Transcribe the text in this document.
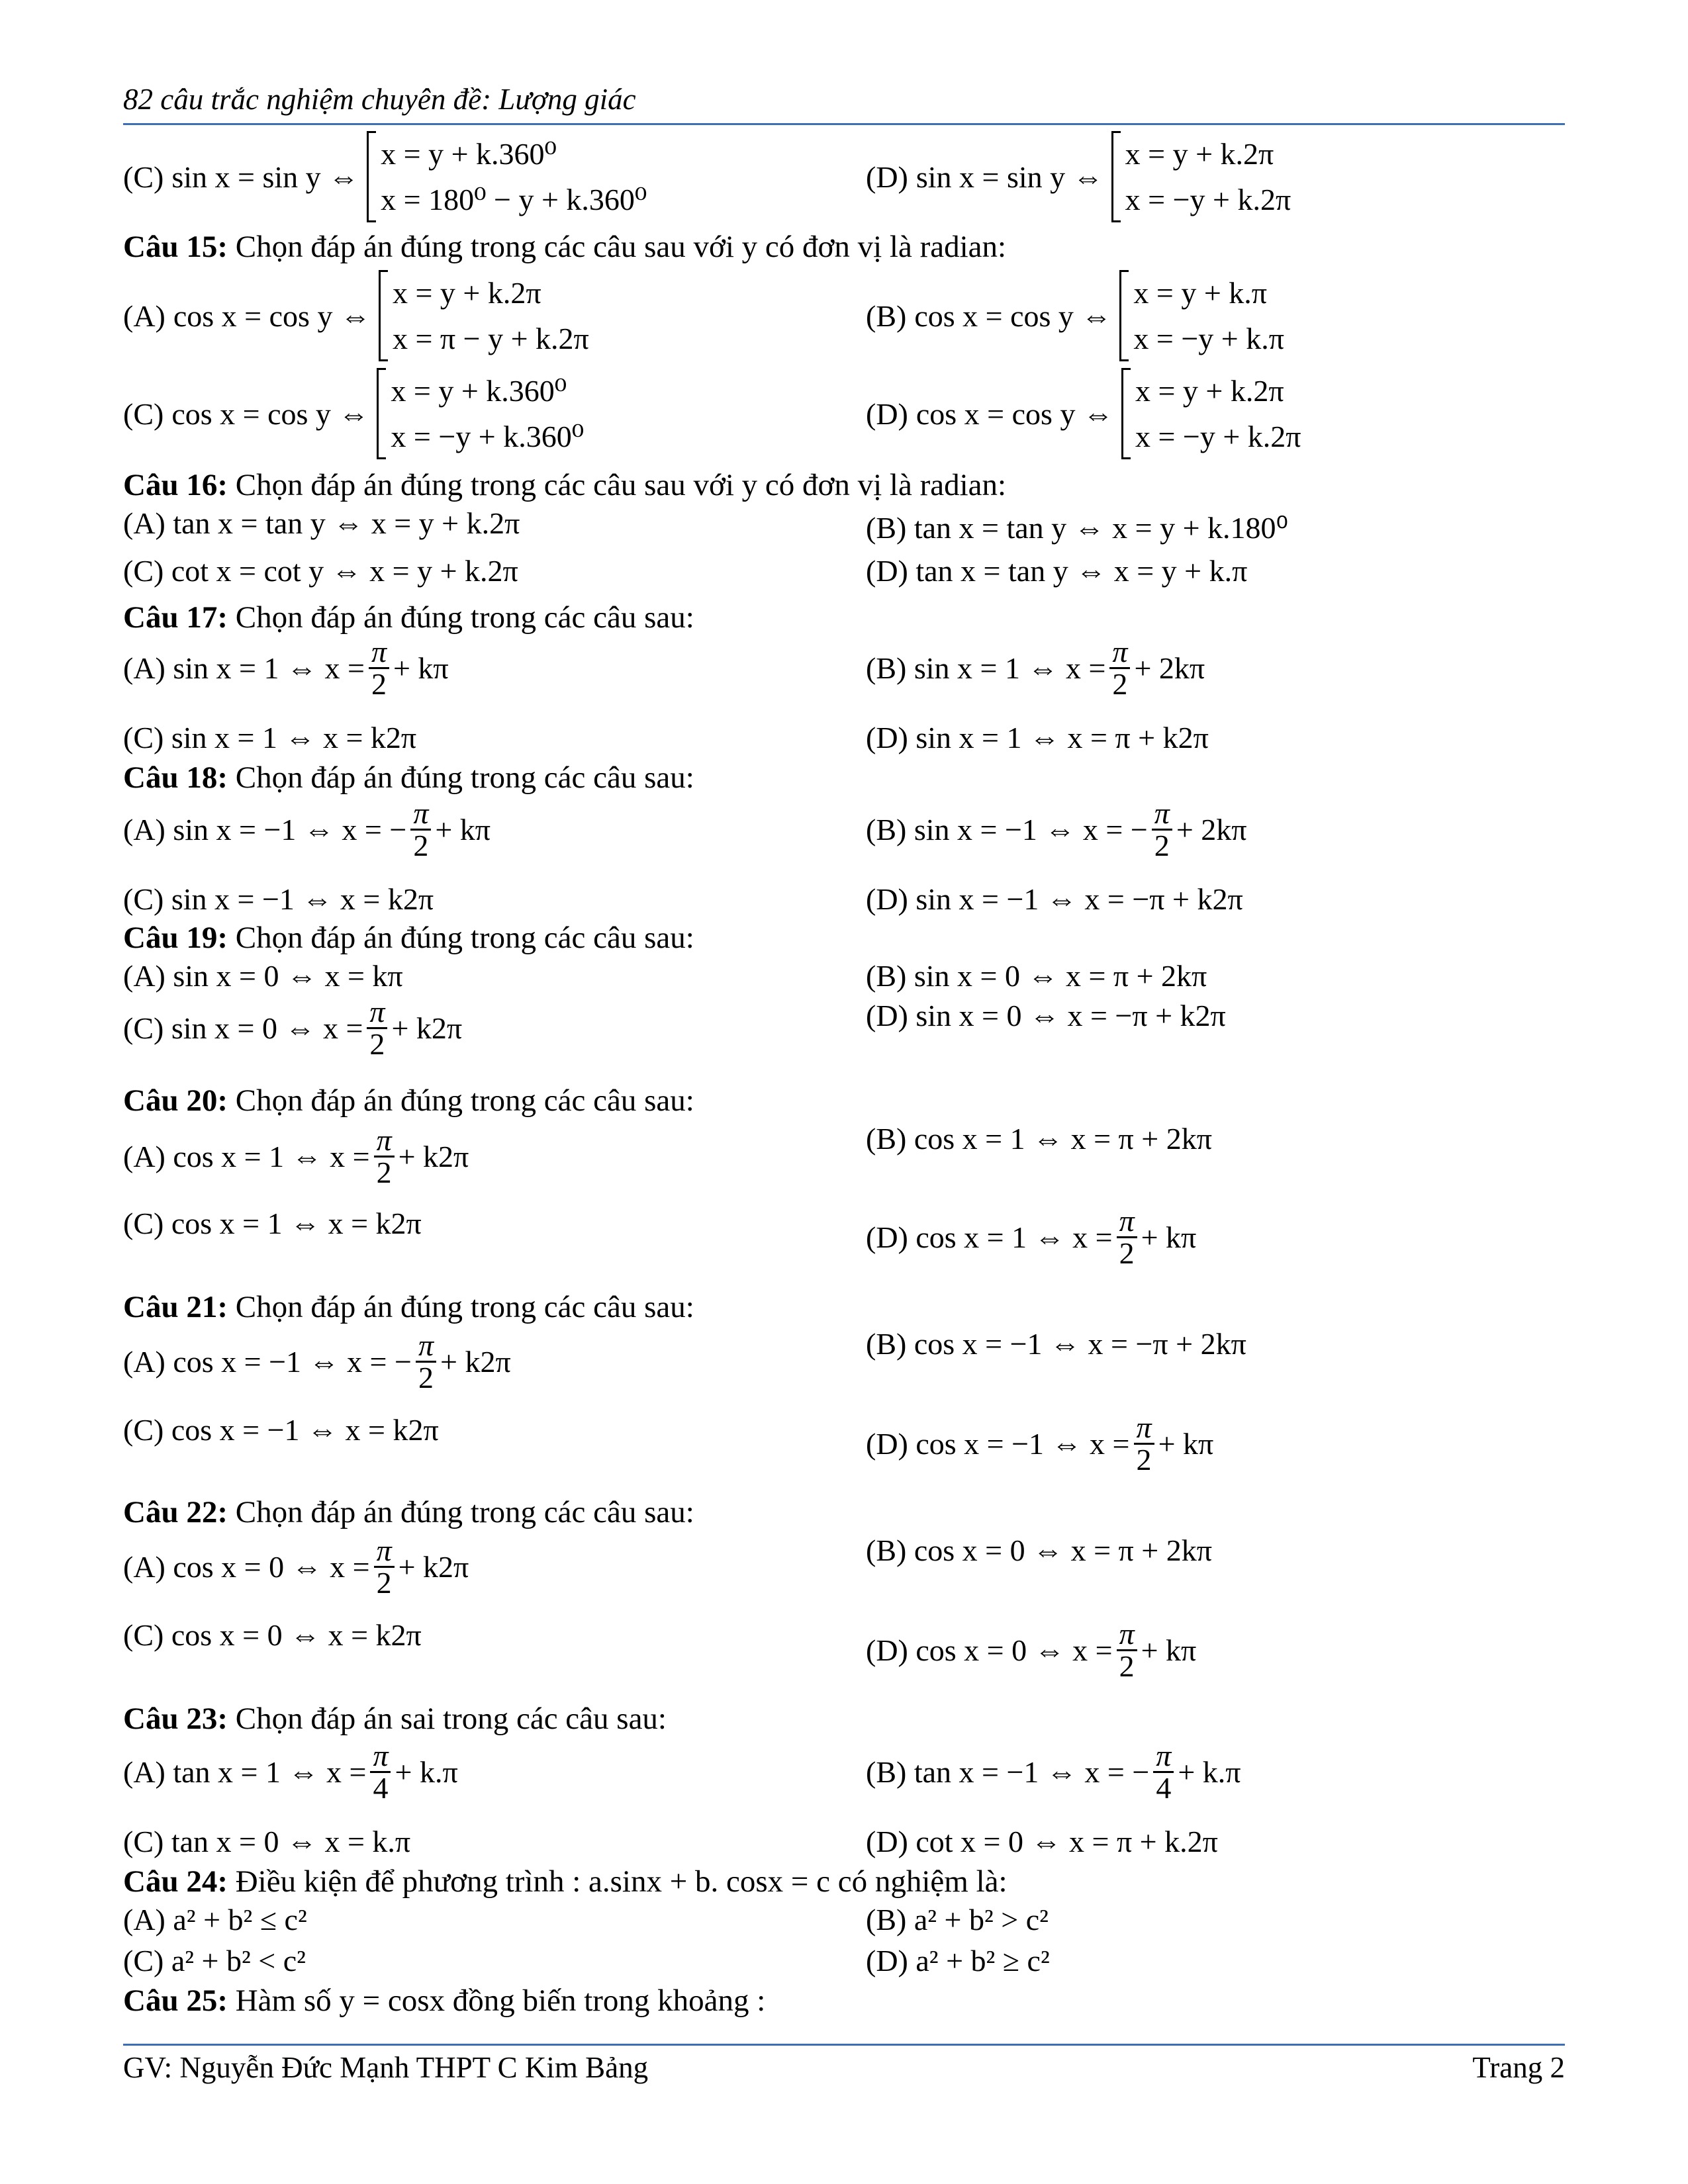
82 câu trắc nghiệm chuyên đề: Lượng giác
(C) sin x = sin y ⇔
x = y + k.360⁰
x = 180⁰ − y + k.360⁰
(D) sin x = sin y ⇔
x = y + k.2π
x = −y + k.2π
Câu 15: Chọn đáp án đúng trong các câu sau với y có đơn vị là radian:
(A) cos x = cos y ⇔
x = y + k.2π
x = π − y + k.2π
(B) cos x = cos y ⇔
x = y + k.π
x = −y + k.π
(C) cos x = cos y ⇔
x = y + k.360⁰
x = −y + k.360⁰
(D) cos x = cos y ⇔
x = y + k.2π
x = −y + k.2π
Câu 16: Chọn đáp án đúng trong các câu sau với y có đơn vị là radian:
(A) tan x = tan y ⇔ x = y + k.2π	(B) tan x = tan y ⇔ x = y + k.180⁰
(C) cot x = cot y ⇔ x = y + k.2π	(D) tan x = tan y ⇔ x = y + k.π
Câu 17: Chọn đáp án đúng trong các câu sau:
(A) sin x = 1 ⇔ $x = \frac{\pi}{2} + k\pi$	(B) sin x = 1 ⇔ $x = \frac{\pi}{2} + 2k\pi$
(C) sin x = 1 ⇔ x = k2π	(D) sin x = 1 ⇔ x = π + k2π
Câu 18: Chọn đáp án đúng trong các câu sau:
(A) sin x = −1 ⇔ x = − $\frac{\pi}{2} + k\pi$	(B) sin x = −1 ⇔ x = − $\frac{\pi}{2} + 2k\pi$
(C) sin x = −1 ⇔ x = k2π	(D) sin x = −1 ⇔ x = −π + k2π
Câu 19: Chọn đáp án đúng trong các câu sau:
(A) sin x = 0 ⇔ x = kπ	(B) sin x = 0 ⇔ x = π + 2kπ
(C) sin x = 0 ⇔ $x = \frac{\pi}{2} + k2\pi$	(D) sin x = 0 ⇔ x = −π + k2π
Câu 20: Chọn đáp án đúng trong các câu sau:
(A) cos x = 1 ⇔ $x = \frac{\pi}{2} + k2\pi$
(B) cos x = 1 ⇔ x = π + 2kπ
(C) cos x = 1 ⇔ x = k2π	(D) cos x = 1 ⇔ $x = \frac{\pi}{2} + k\pi$
Câu 21: Chọn đáp án đúng trong các câu sau:
(A) cos x = −1 ⇔ x = − $\frac{\pi}{2} + k2\pi$
(B) cos x = −1 ⇔ x = −π + 2kπ
(C) cos x = −1 ⇔ x = k2π	(D) cos x = −1 ⇔ $x = \frac{\pi}{2} + k\pi$
Câu 22: Chọn đáp án đúng trong các câu sau:
(A) cos x = 0 ⇔ $x = \frac{\pi}{2} + k2\pi$	(B) cos x = 0 ⇔ x = π + 2kπ
(C) cos x = 0 ⇔ x = k2π	(D) cos x = 0 ⇔ $x = \frac{\pi}{2} + k\pi$
Câu 23: Chọn đáp án sai trong các câu sau:
(A) tan x = 1 ⇔ $x = \frac{\pi}{4} + k.\pi$	(B) tan x = −1 ⇔ x = − $\frac{\pi}{4} + k.\pi$
(C) tan x = 0 ⇔ x = k.π	(D) cot x = 0 ⇔ x = π + k.2π
Câu 24: Điều kiện để phương trình : a.sinx + b. cosx = c có nghiệm là:
(A) a² + b² ≤ c²	(B) a² + b² > c²
(C) a² + b² < c²	(D) a² + b² ≥ c²
Câu 25: Hàm số y = cosx đồng biến trong khoảng :
GV: Nguyễn Đức Mạnh THPT C Kim Bảng	Trang 2
